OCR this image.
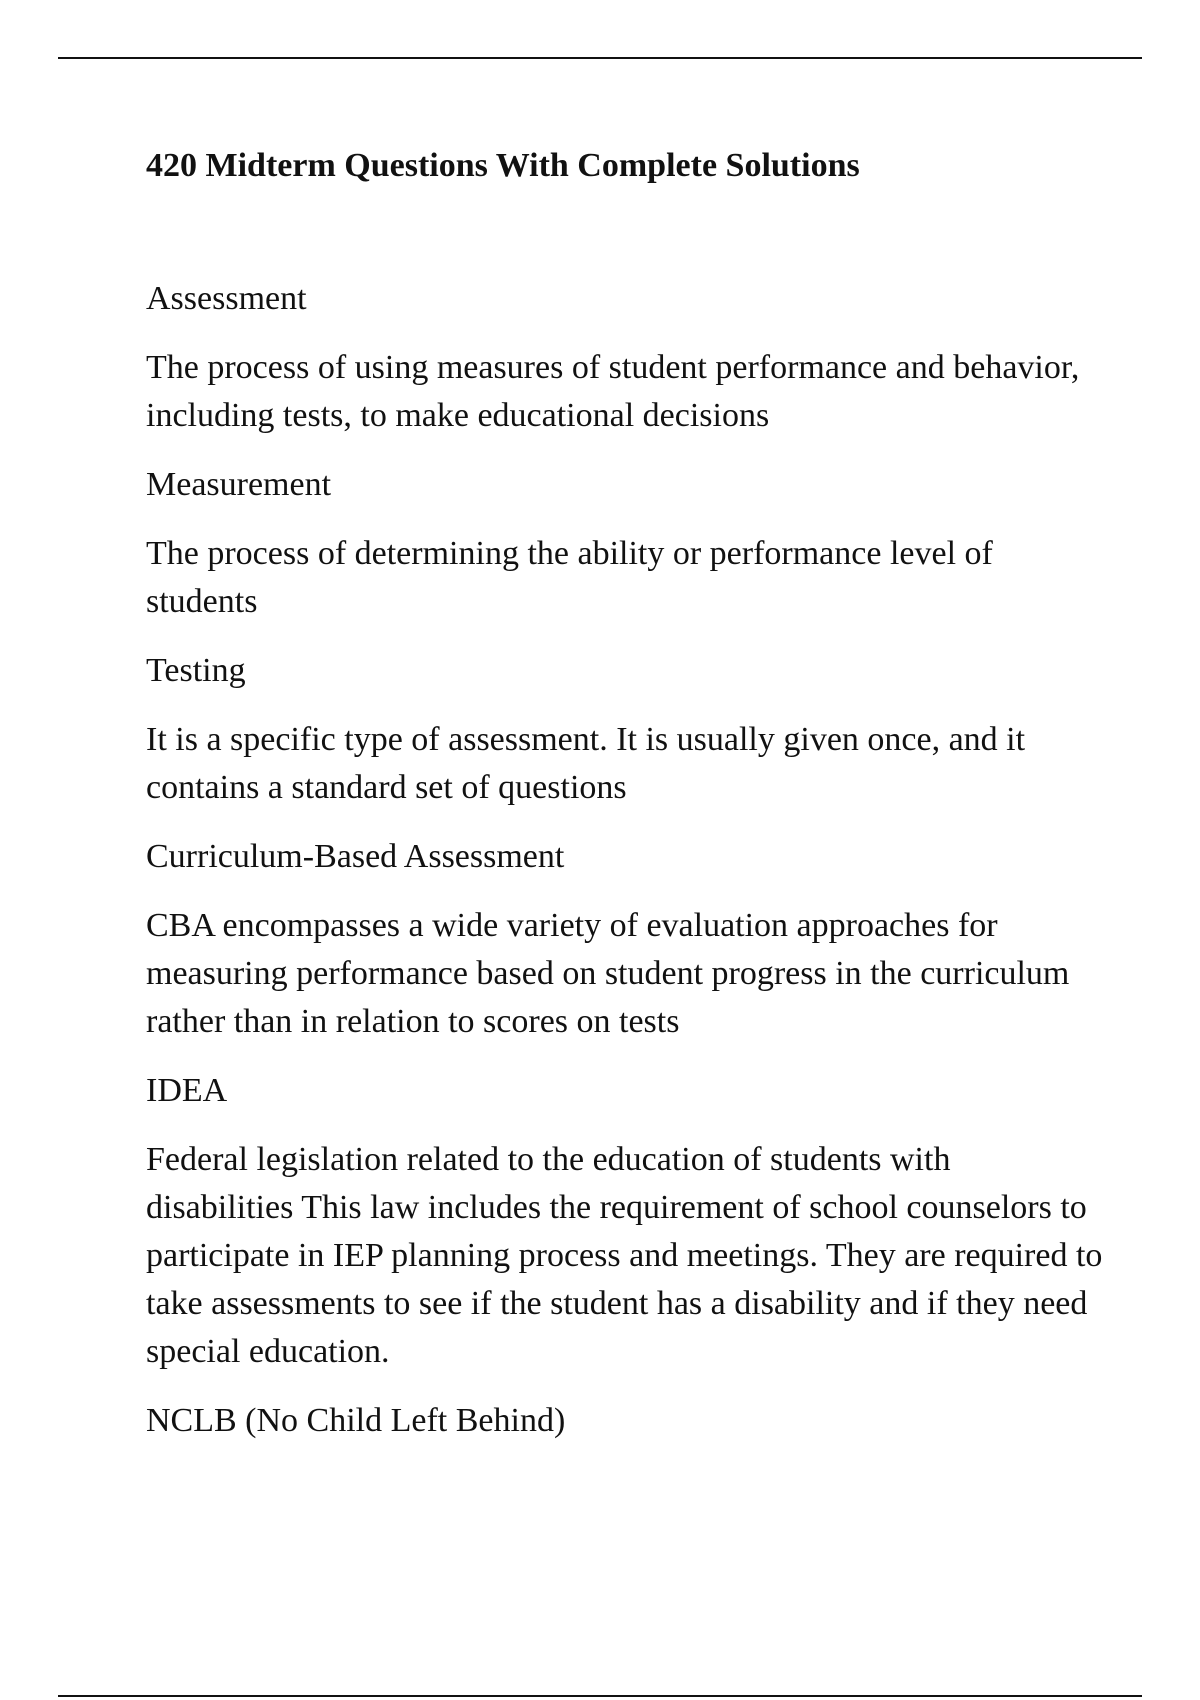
420 Midterm Questions With Complete Solutions

Assessment

The process of using measures of student performance and behavior, including tests, to make educational decisions

Measurement

The process of determining the ability or performance level of students

Testing

It is a specific type of assessment. It is usually given once, and it contains a standard set of questions

Curriculum-Based Assessment

CBA encompasses a wide variety of evaluation approaches for measuring performance based on student progress in the curriculum rather than in relation to scores on tests

IDEA

Federal legislation related to the education of students with disabilities This law includes the requirement of school counselors to participate in IEP planning process and meetings. They are required to take assessments to see if the student has a disability and if they need special education.

NCLB (No Child Left Behind)
